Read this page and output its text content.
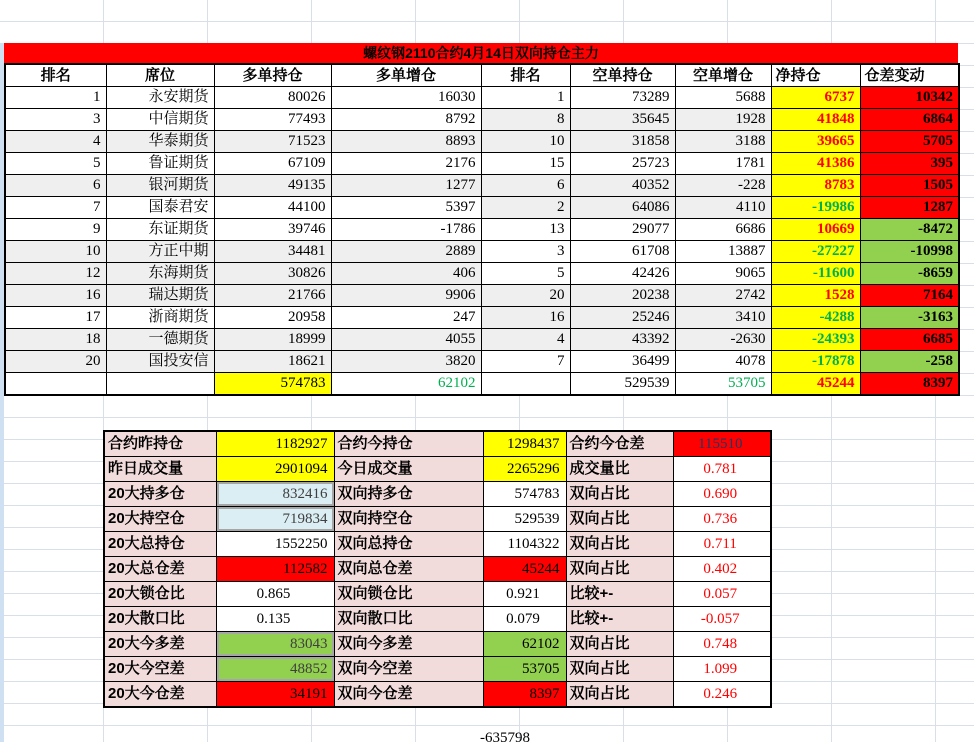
螺纹钢2110合约4月14日双向持仓主力
排名	席位	多单持仓	多单增仓	排名	空单持仓	空单增仓	净持仓	仓差变动
1	永安期货	80026	16030	1	73289	5688	6737	10342
3	中信期货	77493	8792	8	35645	1928	41848	6864
4	华泰期货	71523	8893	10	31858	3188	39665	5705
5	鲁证期货	67109	2176	15	25723	1781	41386	395
6	银河期货	49135	1277	6	40352	-228	8783	1505
7	国泰君安	44100	5397	2	64086	4110	-19986	1287
9	东证期货	39746	-1786	13	29077	6686	10669	-8472
10	方正中期	34481	2889	3	61708	13887	-27227	-10998
12	东海期货	30826	406	5	42426	9065	-11600	-8659
16	瑞达期货	21766	9906	20	20238	2742	1528	7164
17	浙商期货	20958	247	16	25246	3410	-4288	-3163
18	一德期货	18999	4055	4	43392	-2630	-24393	6685
20	国投安信	18621	3820	7	36499	4078	-17878	-258
		574783	62102		529539	53705	45244	8397
合约昨持仓	1182927	合约今持仓	1298437	合约今仓差	115510
昨日成交量	2901094	今日成交量	2265296	成交量比	0.781
20大持多仓	832416	双向持多仓	574783	双向占比	0.690
20大持空仓	719834	双向持空仓	529539	双向占比	0.736
20大总持仓	1552250	双向总持仓	1104322	双向占比	0.711
20大总仓差	112582	双向总仓差	45244	双向占比	0.402
20大锁仓比	0.865	双向锁仓比	0.921	比较+-	0.057
20大散口比	0.135	双向散口比	0.079	比较+-	-0.057
20大今多差	83043	双向今多差	62102	双向占比	0.748
20大今空差	48852	双向今空差	53705	双向占比	1.099
20大今仓差	34191	双向今仓差	8397	双向占比	0.246
-635798
